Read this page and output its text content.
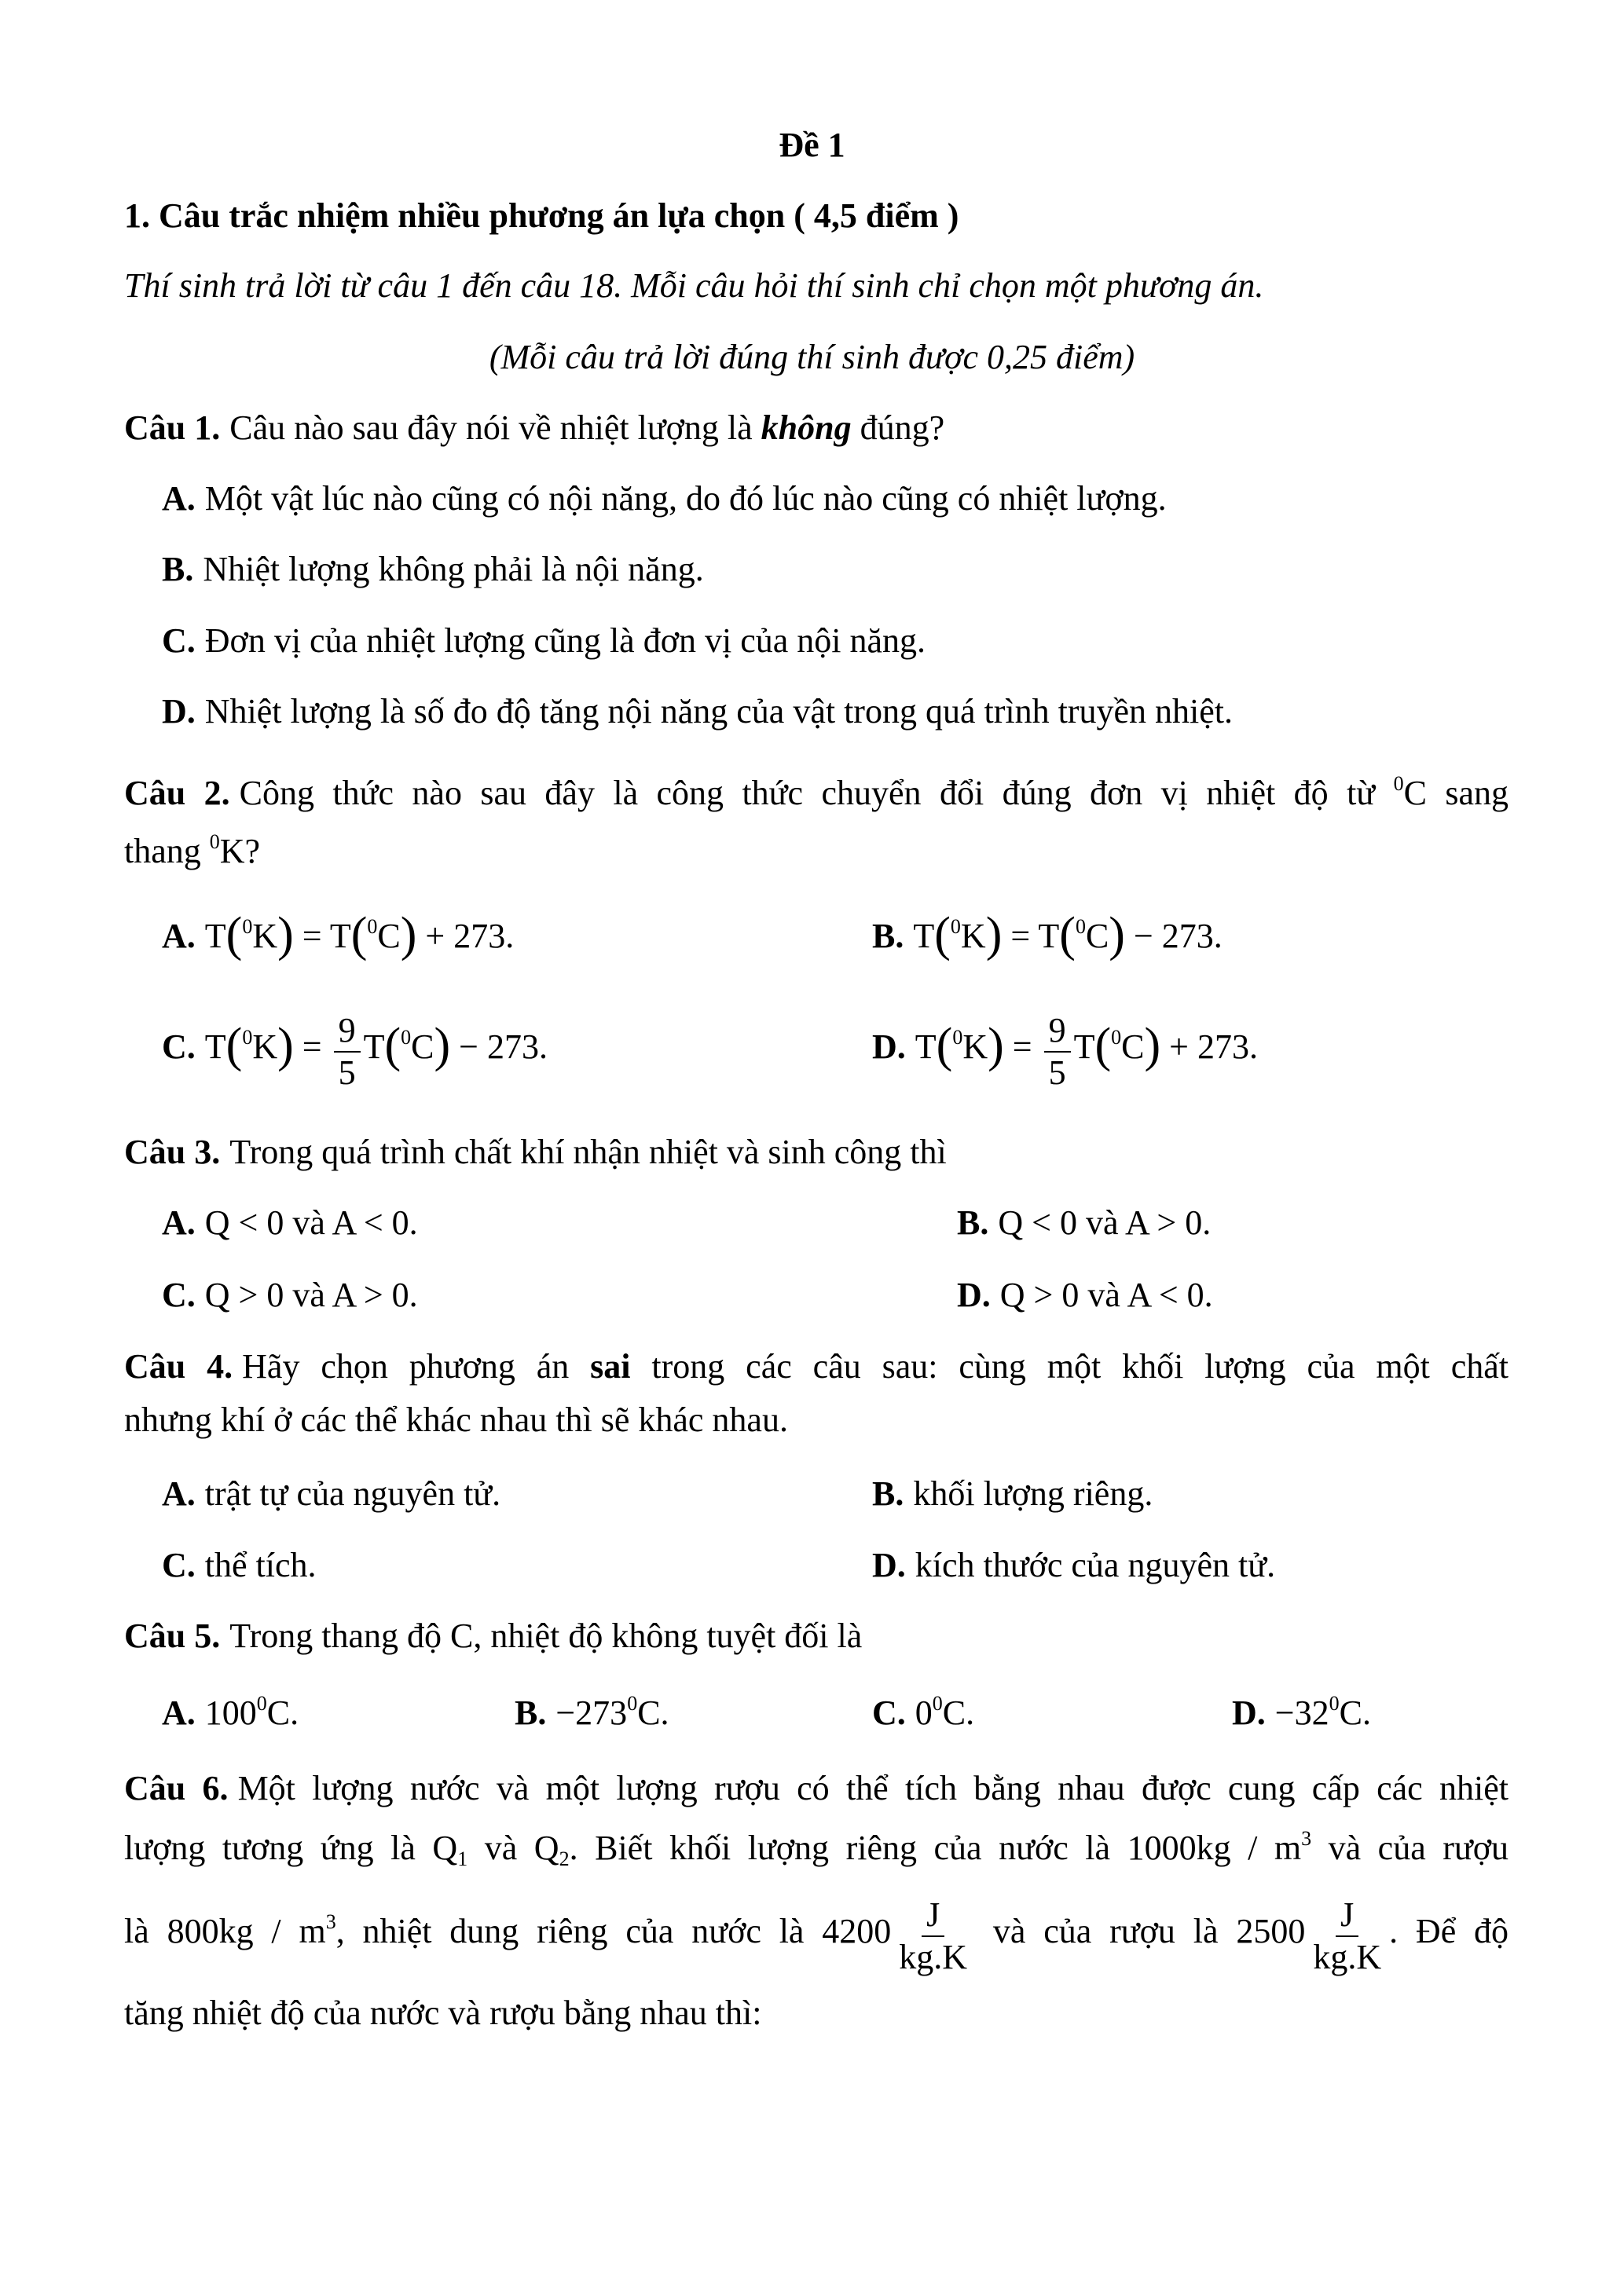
Đề 1
1. Câu trắc nhiệm nhiều phương án lựa chọn ( 4,5 điểm )
Thí sinh trả lời từ câu 1 đến câu 18. Mỗi câu hỏi thí sinh chỉ chọn một phương án.
(Mỗi câu trả lời đúng thí sinh được 0,25 điểm)
Câu 1. Câu nào sau đây nói về nhiệt lượng là không đúng?
A. Một vật lúc nào cũng có nội năng, do đó lúc nào cũng có nhiệt lượng.
B. Nhiệt lượng không phải là nội năng.
C. Đơn vị của nhiệt lượng cũng là đơn vị của nội năng.
D. Nhiệt lượng là số đo độ tăng nội năng của vật trong quá trình truyền nhiệt.
Câu 2. Công thức nào sau đây là công thức chuyển đổi đúng đơn vị nhiệt độ từ $^0$C sang
thang $^0$K?
A. T($^0$K) = T($^0$C) + 273.	B. T($^0$K) = T($^0$C) − 273.
C. $T(^0K) = \frac{9}{5} T(^0C) - 273$.	D. $T(^0K) = \frac{9}{5} T(^0C) + 273$.
Câu 3. Trong quá trình chất khí nhận nhiệt và sinh công thì
A. Q < 0 và A < 0.	B. Q < 0 và A > 0.
C. Q > 0 và A > 0.	D. Q > 0 và A < 0.
Câu 4. Hãy chọn phương án sai trong các câu sau: cùng một khối lượng của một chất
nhưng khí ở các thể khác nhau thì sẽ khác nhau.
A. trật tự của nguyên tử.	B. khối lượng riêng.
C. thể tích.	D. kích thước của nguyên tử.
Câu 5. Trong thang độ C, nhiệt độ không tuyệt đối là
A. $100^0C$.	B. $-273^0C$.	C. $0^0C$.	D. $-32^0C$.
Câu 6. Một lượng nước và một lượng rượu có thể tích bằng nhau được cung cấp các nhiệt
lượng tương ứng là $Q_1$ và $Q_2$. Biết khối lượng riêng của nước là $1000kg / m^3$ và của rượu
là $800kg / m^3$, nhiệt dung riêng của nước là $4200 \frac{J}{kg.K}$ và của rượu là $2500 \frac{J}{kg.K}$ . Để độ
tăng nhiệt độ của nước và rượu bằng nhau thì:
